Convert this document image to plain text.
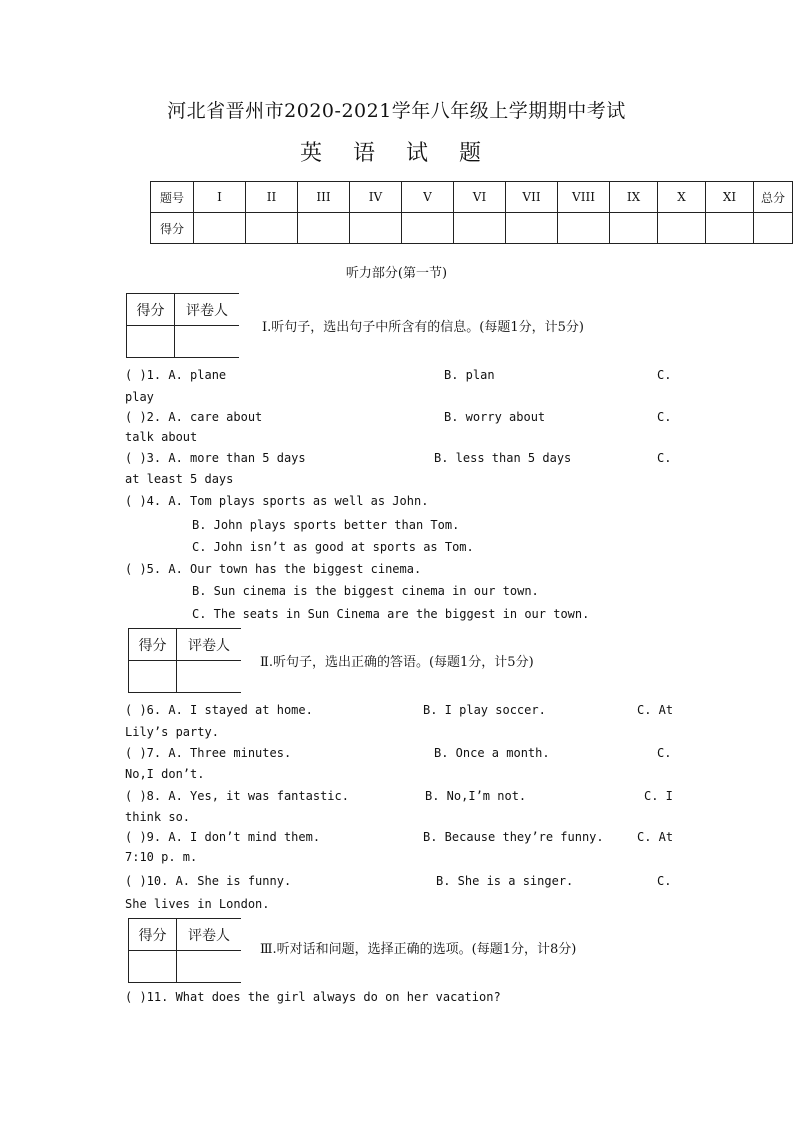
河北省晋州市2020-2021学年八年级上学期期中考试
英 语 试 题
题号	I	II	III	IV	V	VI	VII	VIII	IX	X	XI	总分
得分												
听力部分(第一节)
得分	评卷人

Ⅰ.听句子，选出句子中所含有的信息。(每题1分，计5分)
( )1. A. plane	B. plan	C.
play
( )2. A. care about	B. worry about	C.
talk about
( )3. A. more than 5 days	B. less than 5 days	C.
at least 5 days
( )4. A. Tom plays sports as well as John.
B. John plays sports better than Tom.
C. John isn’t as good at sports as Tom.
( )5. A. Our town has the biggest cinema.
B. Sun cinema is the biggest cinema in our town.
C. The seats in Sun Cinema are the biggest in our town.
得分	评卷人

Ⅱ.听句子，选出正确的答语。(每题1分，计5分)
( )6. A. I stayed at home.	B. I play soccer.	C. At
Lily’s party.
( )7. A. Three minutes.	B. Once a month.	C.
No,I don’t.
( )8. A. Yes, it was fantastic.	B. No,I’m not.	C. I
think so.
( )9. A. I don’t mind them.	B. Because they’re funny.	C. At
7:10 p. m.
( )10. A. She is funny.	B. She is a singer.	C.
She lives in London.
得分	评卷人

Ⅲ.听对话和问题，选择正确的选项。(每题1分，计8分)
( )11. What does the girl always do on her vacation?
